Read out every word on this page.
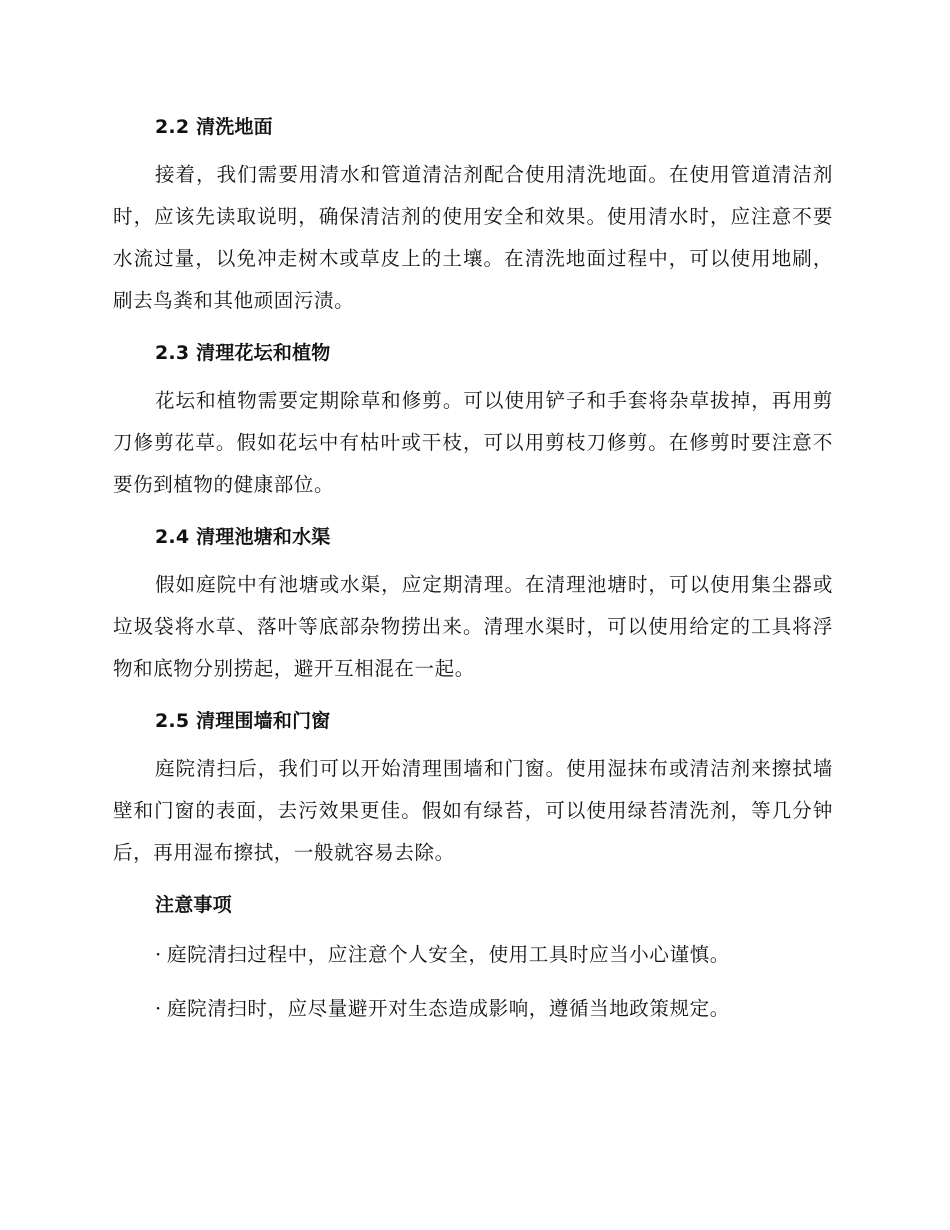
2.2 清洗地面

接着，我们需要用清水和管道清洁剂配合使用清洗地面。在使用管道清洁剂时，应该先读取说明，确保清洁剂的使用安全和效果。使用清水时，应注意不要水流过量，以免冲走树木或草皮上的土壤。在清洗地面过程中，可以使用地刷，刷去鸟粪和其他顽固污渍。

2.3 清理花坛和植物

花坛和植物需要定期除草和修剪。可以使用铲子和手套将杂草拔掉，再用剪刀修剪花草。假如花坛中有枯叶或干枝，可以用剪枝刀修剪。在修剪时要注意不要伤到植物的健康部位。

2.4 清理池塘和水渠

假如庭院中有池塘或水渠，应定期清理。在清理池塘时，可以使用集尘器或垃圾袋将水草、落叶等底部杂物捞出来。清理水渠时，可以使用给定的工具将浮物和底物分别捞起，避开互相混在一起。

2.5 清理围墙和门窗

庭院清扫后，我们可以开始清理围墙和门窗。使用湿抹布或清洁剂来擦拭墙壁和门窗的表面，去污效果更佳。假如有绿苔，可以使用绿苔清洗剂，等几分钟后，再用湿布擦拭，一般就容易去除。

注意事项

· 庭院清扫过程中，应注意个人安全，使用工具时应当小心谨慎。

· 庭院清扫时，应尽量避开对生态造成影响，遵循当地政策规定。
